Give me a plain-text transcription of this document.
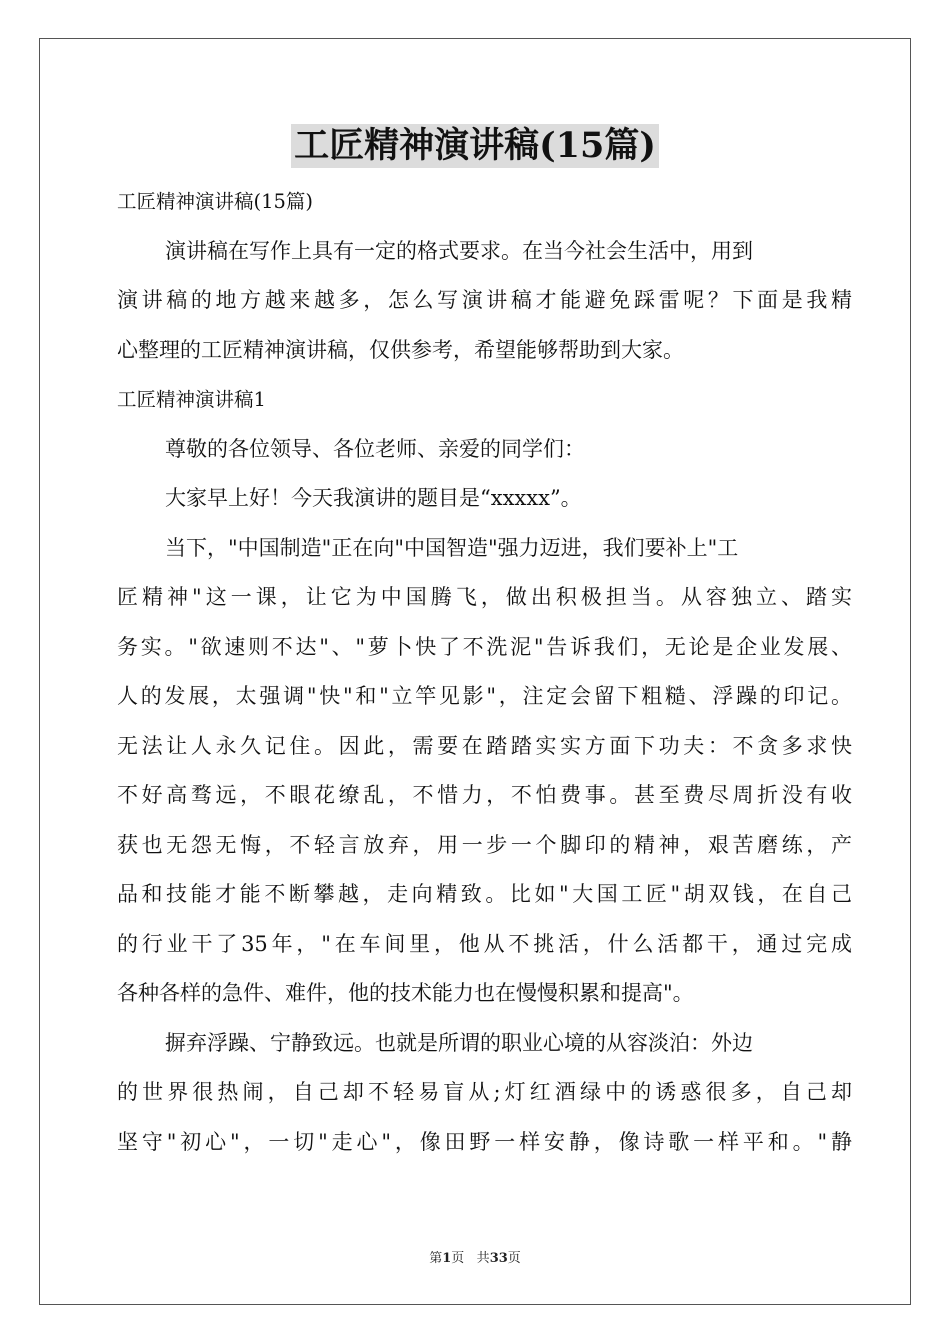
工匠精神演讲稿(15篇)
工匠精神演讲稿(15篇)
演讲稿在写作上具有一定的格式要求。在当今社会生活中，用到
演讲稿的地方越来越多，怎么写演讲稿才能避免踩雷呢？下面是我精
心整理的工匠精神演讲稿，仅供参考，希望能够帮助到大家。
工匠精神演讲稿1
尊敬的各位领导、各位老师、亲爱的同学们：
大家早上好！今天我演讲的题目是“xxxxx”。
当下，"中国制造"正在向"中国智造"强力迈进，我们要补上"工
匠精神"这一课，让它为中国腾飞，做出积极担当。从容独立、踏实
务实。"欲速则不达"、"萝卜快了不洗泥"告诉我们，无论是企业发展、
人的发展，太强调"快"和"立竿见影"，注定会留下粗糙、浮躁的印记。
无法让人永久记住。因此，需要在踏踏实实方面下功夫：不贪多求快
不好高骛远，不眼花缭乱，不惜力，不怕费事。甚至费尽周折没有收
获也无怨无悔，不轻言放弃，用一步一个脚印的精神，艰苦磨练，产
品和技能才能不断攀越，走向精致。比如"大国工匠"胡双钱，在自己
的行业干了35年，"在车间里，他从不挑活，什么活都干，通过完成
各种各样的急件、难件，他的技术能力也在慢慢积累和提高"。
摒弃浮躁、宁静致远。也就是所谓的职业心境的从容淡泊：外边
的世界很热闹，自己却不轻易盲从;灯红酒绿中的诱惑很多，自己却
坚守"初心"，一切"走心"，像田野一样安静，像诗歌一样平和。"静
第1页 共33页
